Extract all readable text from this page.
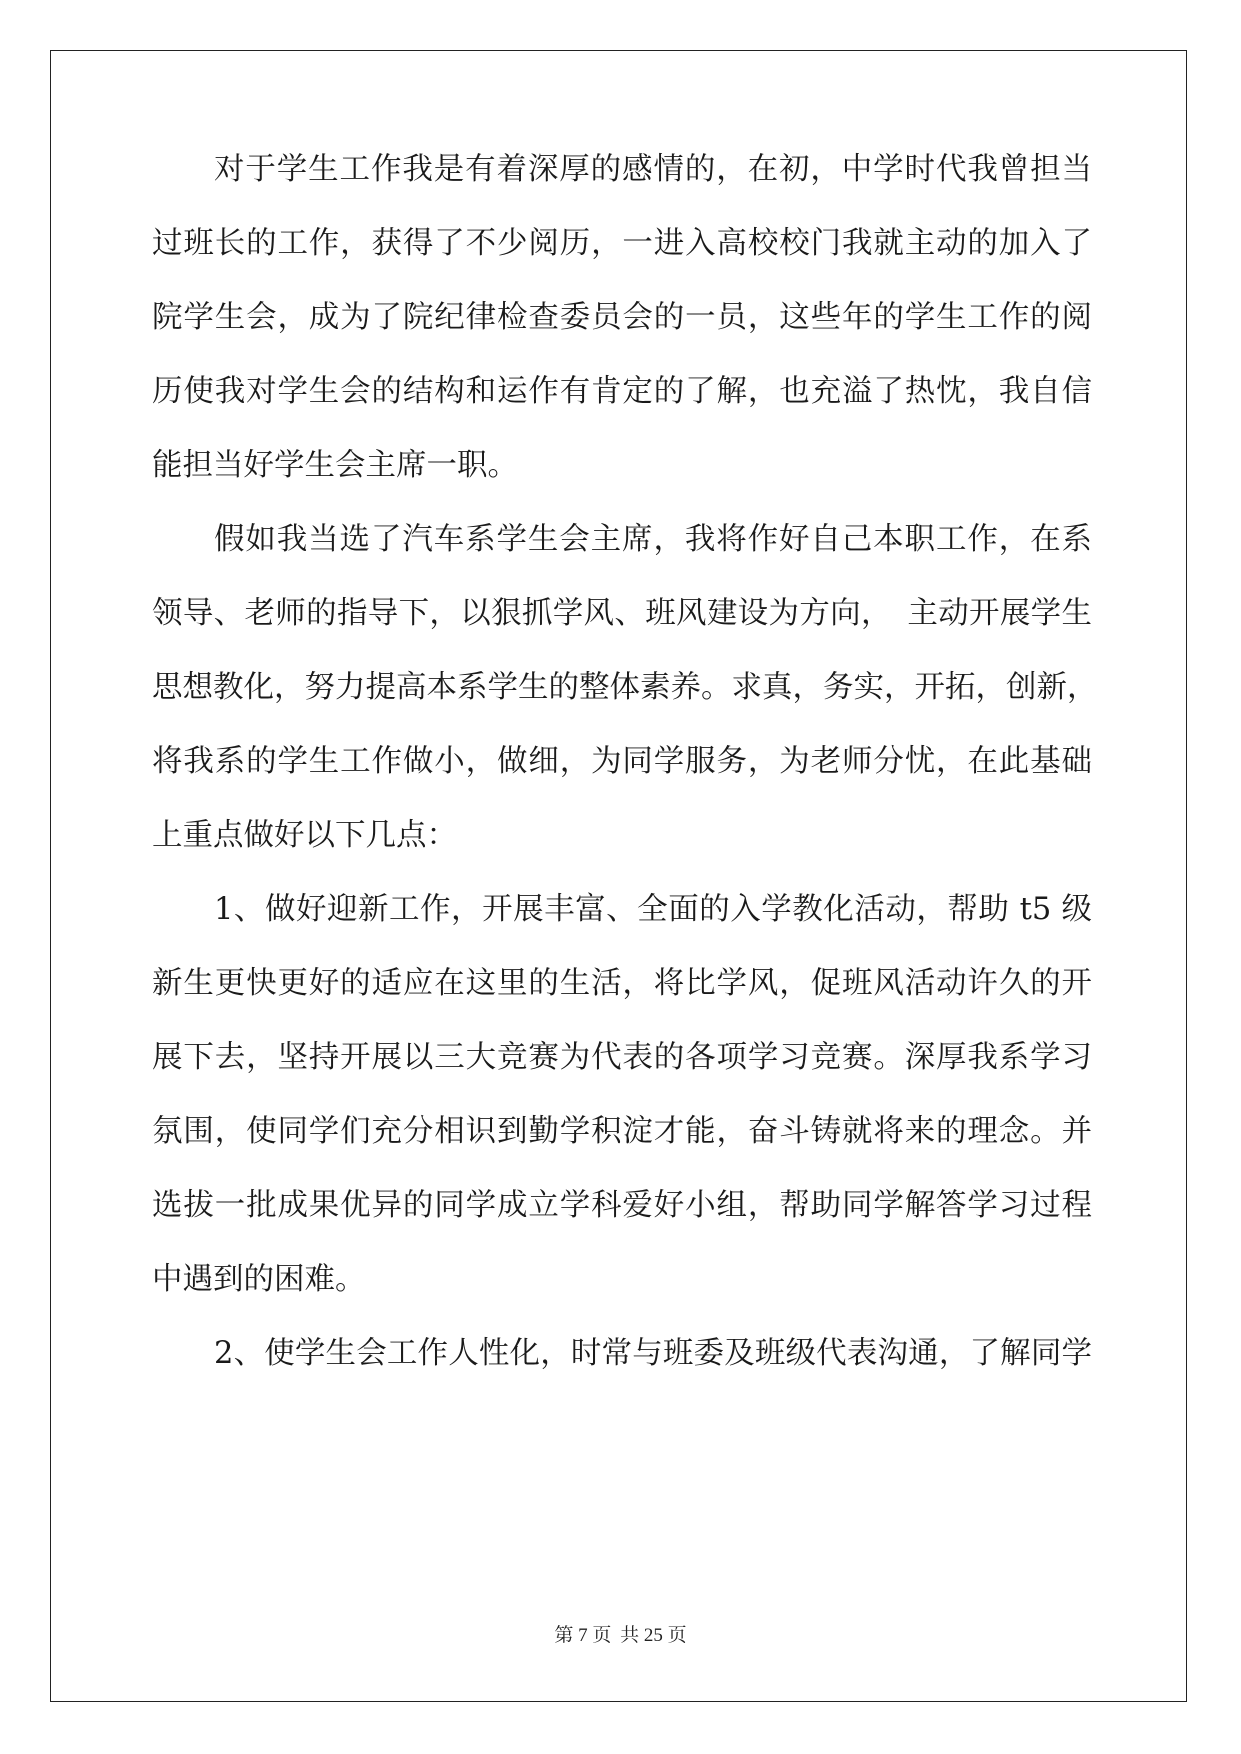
对于学生工作我是有着深厚的感情的，在初，中学时代我曾担当
过班长的工作，获得了不少阅历，一进入高校校门我就主动的加入了
院学生会，成为了院纪律检查委员会的一员，这些年的学生工作的阅
历使我对学生会的结构和运作有肯定的了解，也充溢了热忱，我自信
能担当好学生会主席一职。
假如我当选了汽车系学生会主席，我将作好自己本职工作，在系
领导、老师的指导下，以狠抓学风、班风建设为方向，　主动开展学生
思想教化，努力提高本系学生的整体素养。求真，务实，开拓，创新，
将我系的学生工作做小，做细，为同学服务，为老师分忧，在此基础
上重点做好以下几点：
1、做好迎新工作，开展丰富、全面的入学教化活动，帮助 t5 级
新生更快更好的适应在这里的生活，将比学风，促班风活动许久的开
展下去，坚持开展以三大竞赛为代表的各项学习竞赛。深厚我系学习
氛围，使同学们充分相识到勤学积淀才能，奋斗铸就将来的理念。并
选拔一批成果优异的同学成立学科爱好小组，帮助同学解答学习过程
中遇到的困难。
2、使学生会工作人性化，时常与班委及班级代表沟通，了解同学
第 7 页 共 25 页
